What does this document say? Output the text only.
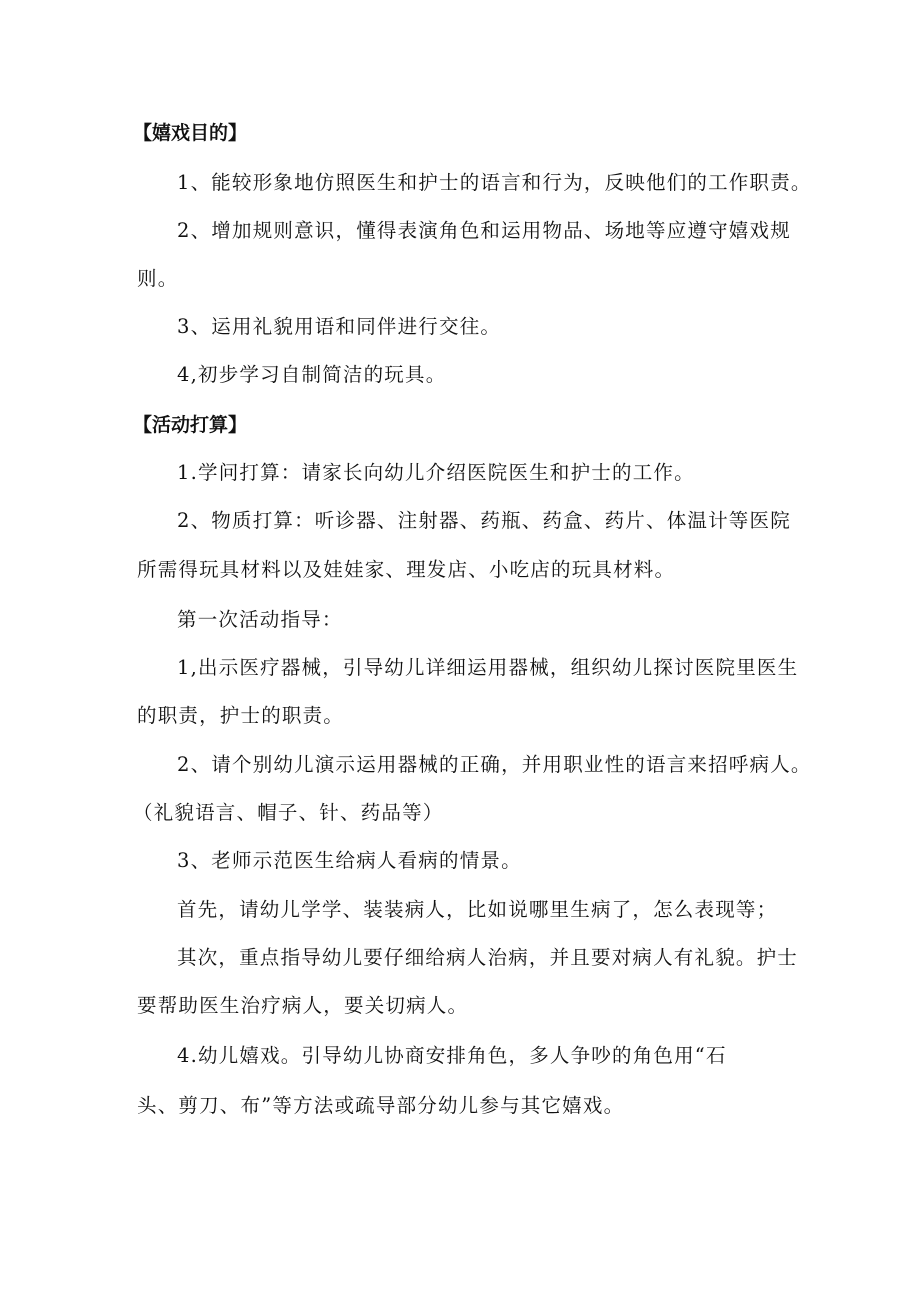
【嬉戏目的】
1、能较形象地仿照医生和护士的语言和行为，反映他们的工作职责。
2、增加规则意识，懂得表演角色和运用物品、场地等应遵守嬉戏规
则。
3、运用礼貌用语和同伴进行交往。
4,初步学习自制简洁的玩具。
【活动打算】
1.学问打算：请家长向幼儿介绍医院医生和护士的工作。
2、物质打算：听诊器、注射器、药瓶、药盒、药片、体温计等医院
所需得玩具材料以及娃娃家、理发店、小吃店的玩具材料。
第一次活动指导：
1,出示医疗器械，引导幼儿详细运用器械，组织幼儿探讨医院里医生
的职责，护士的职责。
2、请个别幼儿演示运用器械的正确，并用职业性的语言来招呼病人。
（礼貌语言、帽子、针、药品等）
3、老师示范医生给病人看病的情景。
首先，请幼儿学学、装装病人，比如说哪里生病了，怎么表现等；
其次，重点指导幼儿要仔细给病人治病，并且要对病人有礼貌。护士
要帮助医生治疗病人，要关切病人。
4.幼儿嬉戏。引导幼儿协商安排角色，多人争吵的角色用“石
头、剪刀、布”等方法或疏导部分幼儿参与其它嬉戏。
